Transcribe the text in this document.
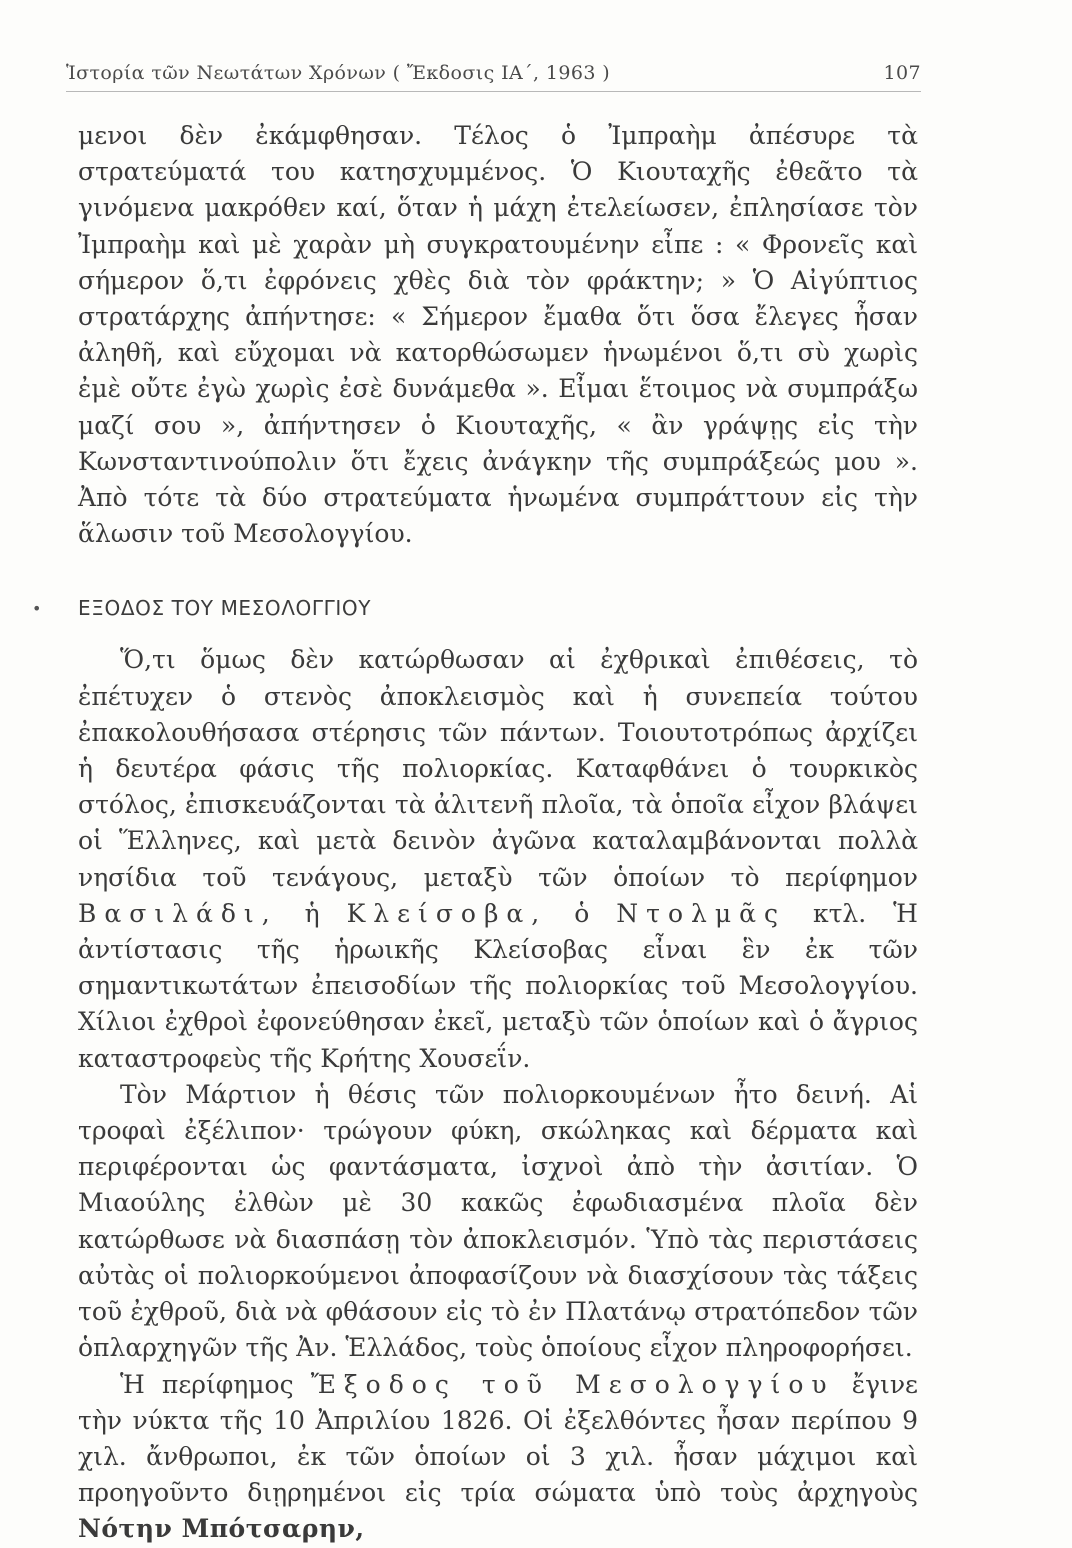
Ἱστορία τῶν Νεωτάτων Χρόνων ( Ἔκδοσις ΙΑ΄, 1963 )	107

μενοι δὲν ἐκάμφθησαν. Τέλος ὁ Ἰμπραὴμ ἀπέσυρε τὰ στρατεύματά του κατησχυμμένος. Ὁ Κιουταχῆς ἐθεᾶτο τὰ γινόμενα μακρόθεν καί, ὅταν ἡ μάχη ἐτελείωσεν, ἐπλησίασε τὸν Ἰμπραὴμ καὶ μὲ χαρὰν μὴ συγκρατουμένην εἶπε : « Φρονεῖς καὶ σήμερον ὅ,τι ἐφρόνεις χθὲς διὰ τὸν φράκτην; » Ὁ Αἰγύπτιος στρατάρχης ἀπήντησε: « Σήμερον ἔμαθα ὅτι ὅσα ἔλεγες ἦσαν ἀληθῆ, καὶ εὔχομαι νὰ κατορθώσωμεν ἡνωμένοι ὅ,τι σὺ χωρὶς ἐμὲ οὔτε ἐγὼ χωρὶς ἐσὲ δυνάμεθα ». Εἶμαι ἕτοιμος νὰ συμπράξω μαζί σου », ἀπήντησεν ὁ Κιουταχῆς, « ἂν γράψῃς εἰς τὴν Κωνσταντινούπολιν ὅτι ἔχεις ἀνάγκην τῆς συμπράξεώς μου ». Ἀπὸ τότε τὰ δύο στρατεύματα ἡνωμένα συμπράττουν εἰς τὴν ἅλωσιν τοῦ Μεσολογγίου.

• ΕΞΟΔΟΣ ΤΟΥ ΜΕΣΟΛΟΓΓΙΟΥ

Ὅ,τι ὅμως δὲν κατώρθωσαν αἱ ἐχθρικαὶ ἐπιθέσεις, τὸ ἐπέτυχεν ὁ στενὸς ἀποκλεισμὸς καὶ ἡ συνεπεία τούτου ἐπακολουθήσασα στέρησις τῶν πάντων. Τοιουτοτρόπως ἀρχίζει ἡ δευτέρα φάσις τῆς πολιορκίας. Καταφθάνει ὁ τουρκικὸς στόλος, ἐπισκευάζονται τὰ ἀλιτενῆ πλοῖα, τὰ ὁποῖα εἶχον βλάψει οἱ Ἕλληνες, καὶ μετὰ δεινὸν ἀγῶνα καταλαμβάνονται πολλὰ νησίδια τοῦ τενάγους, μεταξὺ τῶν ὁποίων τὸ περίφημον Βασιλάδι, ἡ Κλείσοβα, ὁ Ντολμᾶς κτλ. Ἡ ἀντίστασις τῆς ἡρωικῆς Κλείσοβας εἶναι ἓν ἐκ τῶν σημαντικωτάτων ἐπεισοδίων τῆς πολιορκίας τοῦ Μεσολογγίου. Χίλιοι ἐχθροὶ ἐφονεύθησαν ἐκεῖ, μεταξὺ τῶν ὁποίων καὶ ὁ ἄγριος καταστροφεὺς τῆς Κρήτης Χουσεΐν.

Τὸν Μάρτιον ἡ θέσις τῶν πολιορκουμένων ἦτο δεινή. Αἱ τροφαὶ ἐξέλιπον· τρώγουν φύκη, σκώληκας καὶ δέρματα καὶ περιφέρονται ὡς φαντάσματα, ἰσχνοὶ ἀπὸ τὴν ἀσιτίαν. Ὁ Μιαούλης ἐλθὼν μὲ 30 κακῶς ἐφωδιασμένα πλοῖα δὲν κατώρθωσε νὰ διασπάσῃ τὸν ἀποκλεισμόν. Ὑπὸ τὰς περιστάσεις αὐτὰς οἱ πολιορκούμενοι ἀποφασίζουν νὰ διασχίσουν τὰς τάξεις τοῦ ἐχθροῦ, διὰ νὰ φθάσουν εἰς τὸ ἐν Πλατάνῳ στρατόπεδον τῶν ὁπλαρχηγῶν τῆς Ἀν. Ἑλλάδος, τοὺς ὁποίους εἶχον πληροφορήσει.

Ἡ περίφημος Ἔξοδος τοῦ Μεσολογγίου ἔγινε τὴν νύκτα τῆς 10 Ἀπριλίου 1826. Οἱ ἐξελθόντες ἦσαν περίπου 9 χιλ. ἄνθρωποι, ἐκ τῶν ὁποίων οἱ 3 χιλ. ἦσαν μάχιμοι καὶ προηγοῦντο διῃρημένοι εἰς τρία σώματα ὑπὸ τοὺς ἀρχηγοὺς Νότην Μπότσαρην,
